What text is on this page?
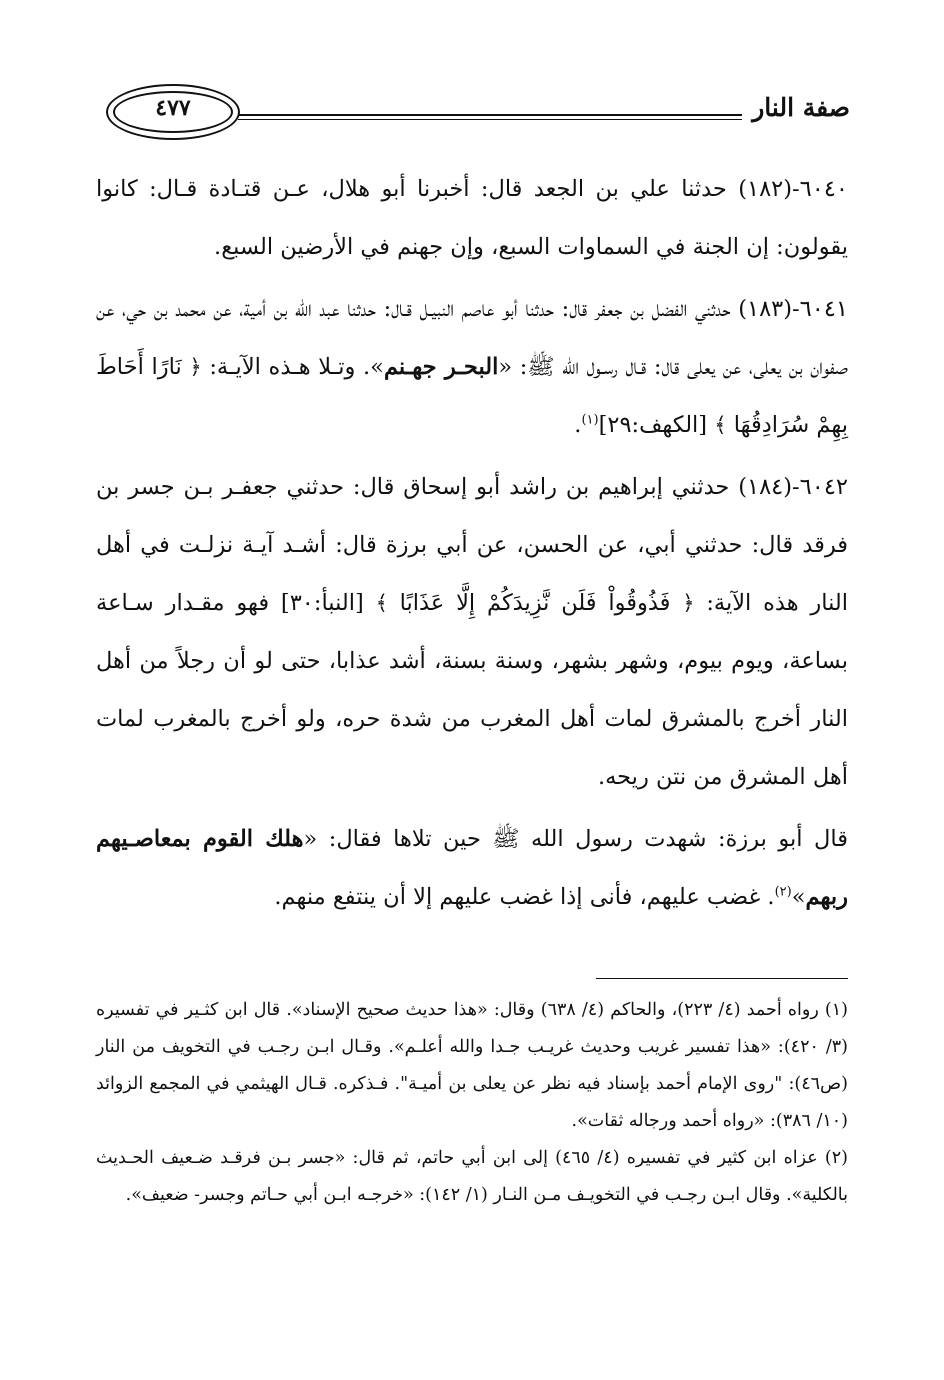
٤٧٧	صفة النار

٦٠٤٠-(١٨٢) حدثنا علي بن الجعد قال: أخبرنا أبو هلال، عـن قتـادة قـال: كانوا يقولون: إن الجنة في السماوات السبع، وإن جهنم في الأرضين السبع.

٦٠٤١-(١٨٣) حدثني الفضل بن جعفر قال: حدثنا أبو عاصم النبيـل قـال: حدثنا عبد الله بن أمية، عن محمد بن حي، عن صفوان بن يعلى، عن يعلى قال: قـال رسـول الله ﷺ: «البحـر جهـنم». وتـلا هـذه الآيـة: ﴿ نَارًا أَحَاطَ بِهِمْ سُرَادِقُهَا ﴾ [الكهف:٢٩]$^{(١)}$.

٦٠٤٢-(١٨٤) حدثني إبراهيم بن راشد أبو إسحاق قال: حدثني جعفـر بـن جسر بن فرقد قال: حدثني أبي، عن الحسن، عن أبي برزة قال: أشـد آيـة نزلـت في أهل النار هذه الآية: ﴿ فَذُوقُواْ فَلَن نَّزِيدَكُمْ إِلَّا عَذَابًا ﴾ [النبأ:٣٠] فهو مقـدار سـاعة بساعة، ويوم بيوم، وشهر بشهر، وسنة بسنة، أشد عذابا، حتى لو أن رجلاً من أهل النار أخرج بالمشرق لمات أهل المغرب من شدة حره، ولو أخرج بالمغرب لمات أهل المشرق من نتن ريحه.

قال أبو برزة: شهدت رسول الله ﷺ حين تلاها فقال: «هلك القوم بمعاصـيهم ربهم»$^{(٢)}$. غضب عليهم، فأنى إذا غضب عليهم إلا أن ينتفع منهم.

(١) رواه أحمد (٤/ ٢٢٣)، والحاكم (٤/ ٦٣٨) وقال: «هذا حديث صحيح الإسناد». قال ابن كثـير في تفسيره (٣/ ٤٢٠): «هذا تفسير غريب وحديث غريـب جـدا والله أعلـم». وقـال ابـن رجـب في التخويف من النار (ص٤٦): "روى الإمام أحمد بإسناد فيه نظر عن يعلى بن أميـة". فـذكره. قـال الهيثمي في المجمع الزوائد (١٠/ ٣٨٦): «رواه أحمد ورجاله ثقات».

(٢) عزاه ابن كثير في تفسيره (٤/ ٤٦٥) إلى ابن أبي حاتم، ثم قال: «جسر بـن فرقـد ضـعيف الحـديث بالكلية». وقال ابـن رجـب في التخويـف مـن النـار (١/ ١٤٢): «خرجـه ابـن أبي حـاتم وجسر- ضعيف».
